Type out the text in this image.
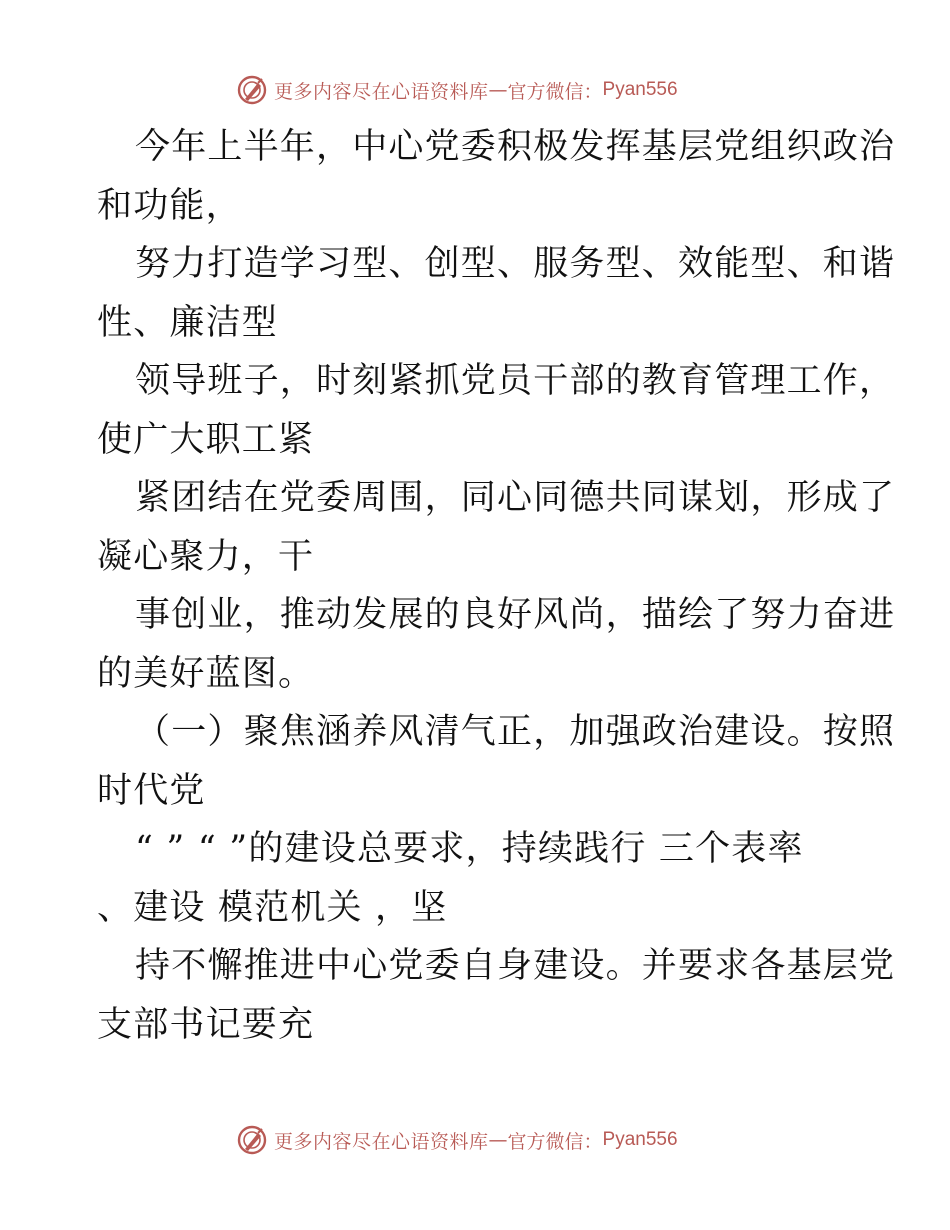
更多内容尽在心语资料库 — 官方微信： Pyan556
今年上半年，中心党委积极发挥基层党组织政治
和功能，
努力打造学习型、创型、服务型、效能型、和谐
性、廉洁型
领导班子，时刻紧抓党员干部的教育管理工作，
使广大职工紧
紧团结在党委周围，同心同德共同谋划，形成了
凝心聚力，干
事创业，推动发展的良好风尚，描绘了努力奋进
的美好蓝图。
（一）聚焦涵养风清气正，加强政治建设。按照
时代党
“ ” “ ”的建设总要求，持续践行 三个表率
、建设 模范机关 ，坚
持不懈推进中心党委自身建设。并要求各基层党
支部书记要充
更多内容尽在心语资料库 — 官方微信： Pyan556
